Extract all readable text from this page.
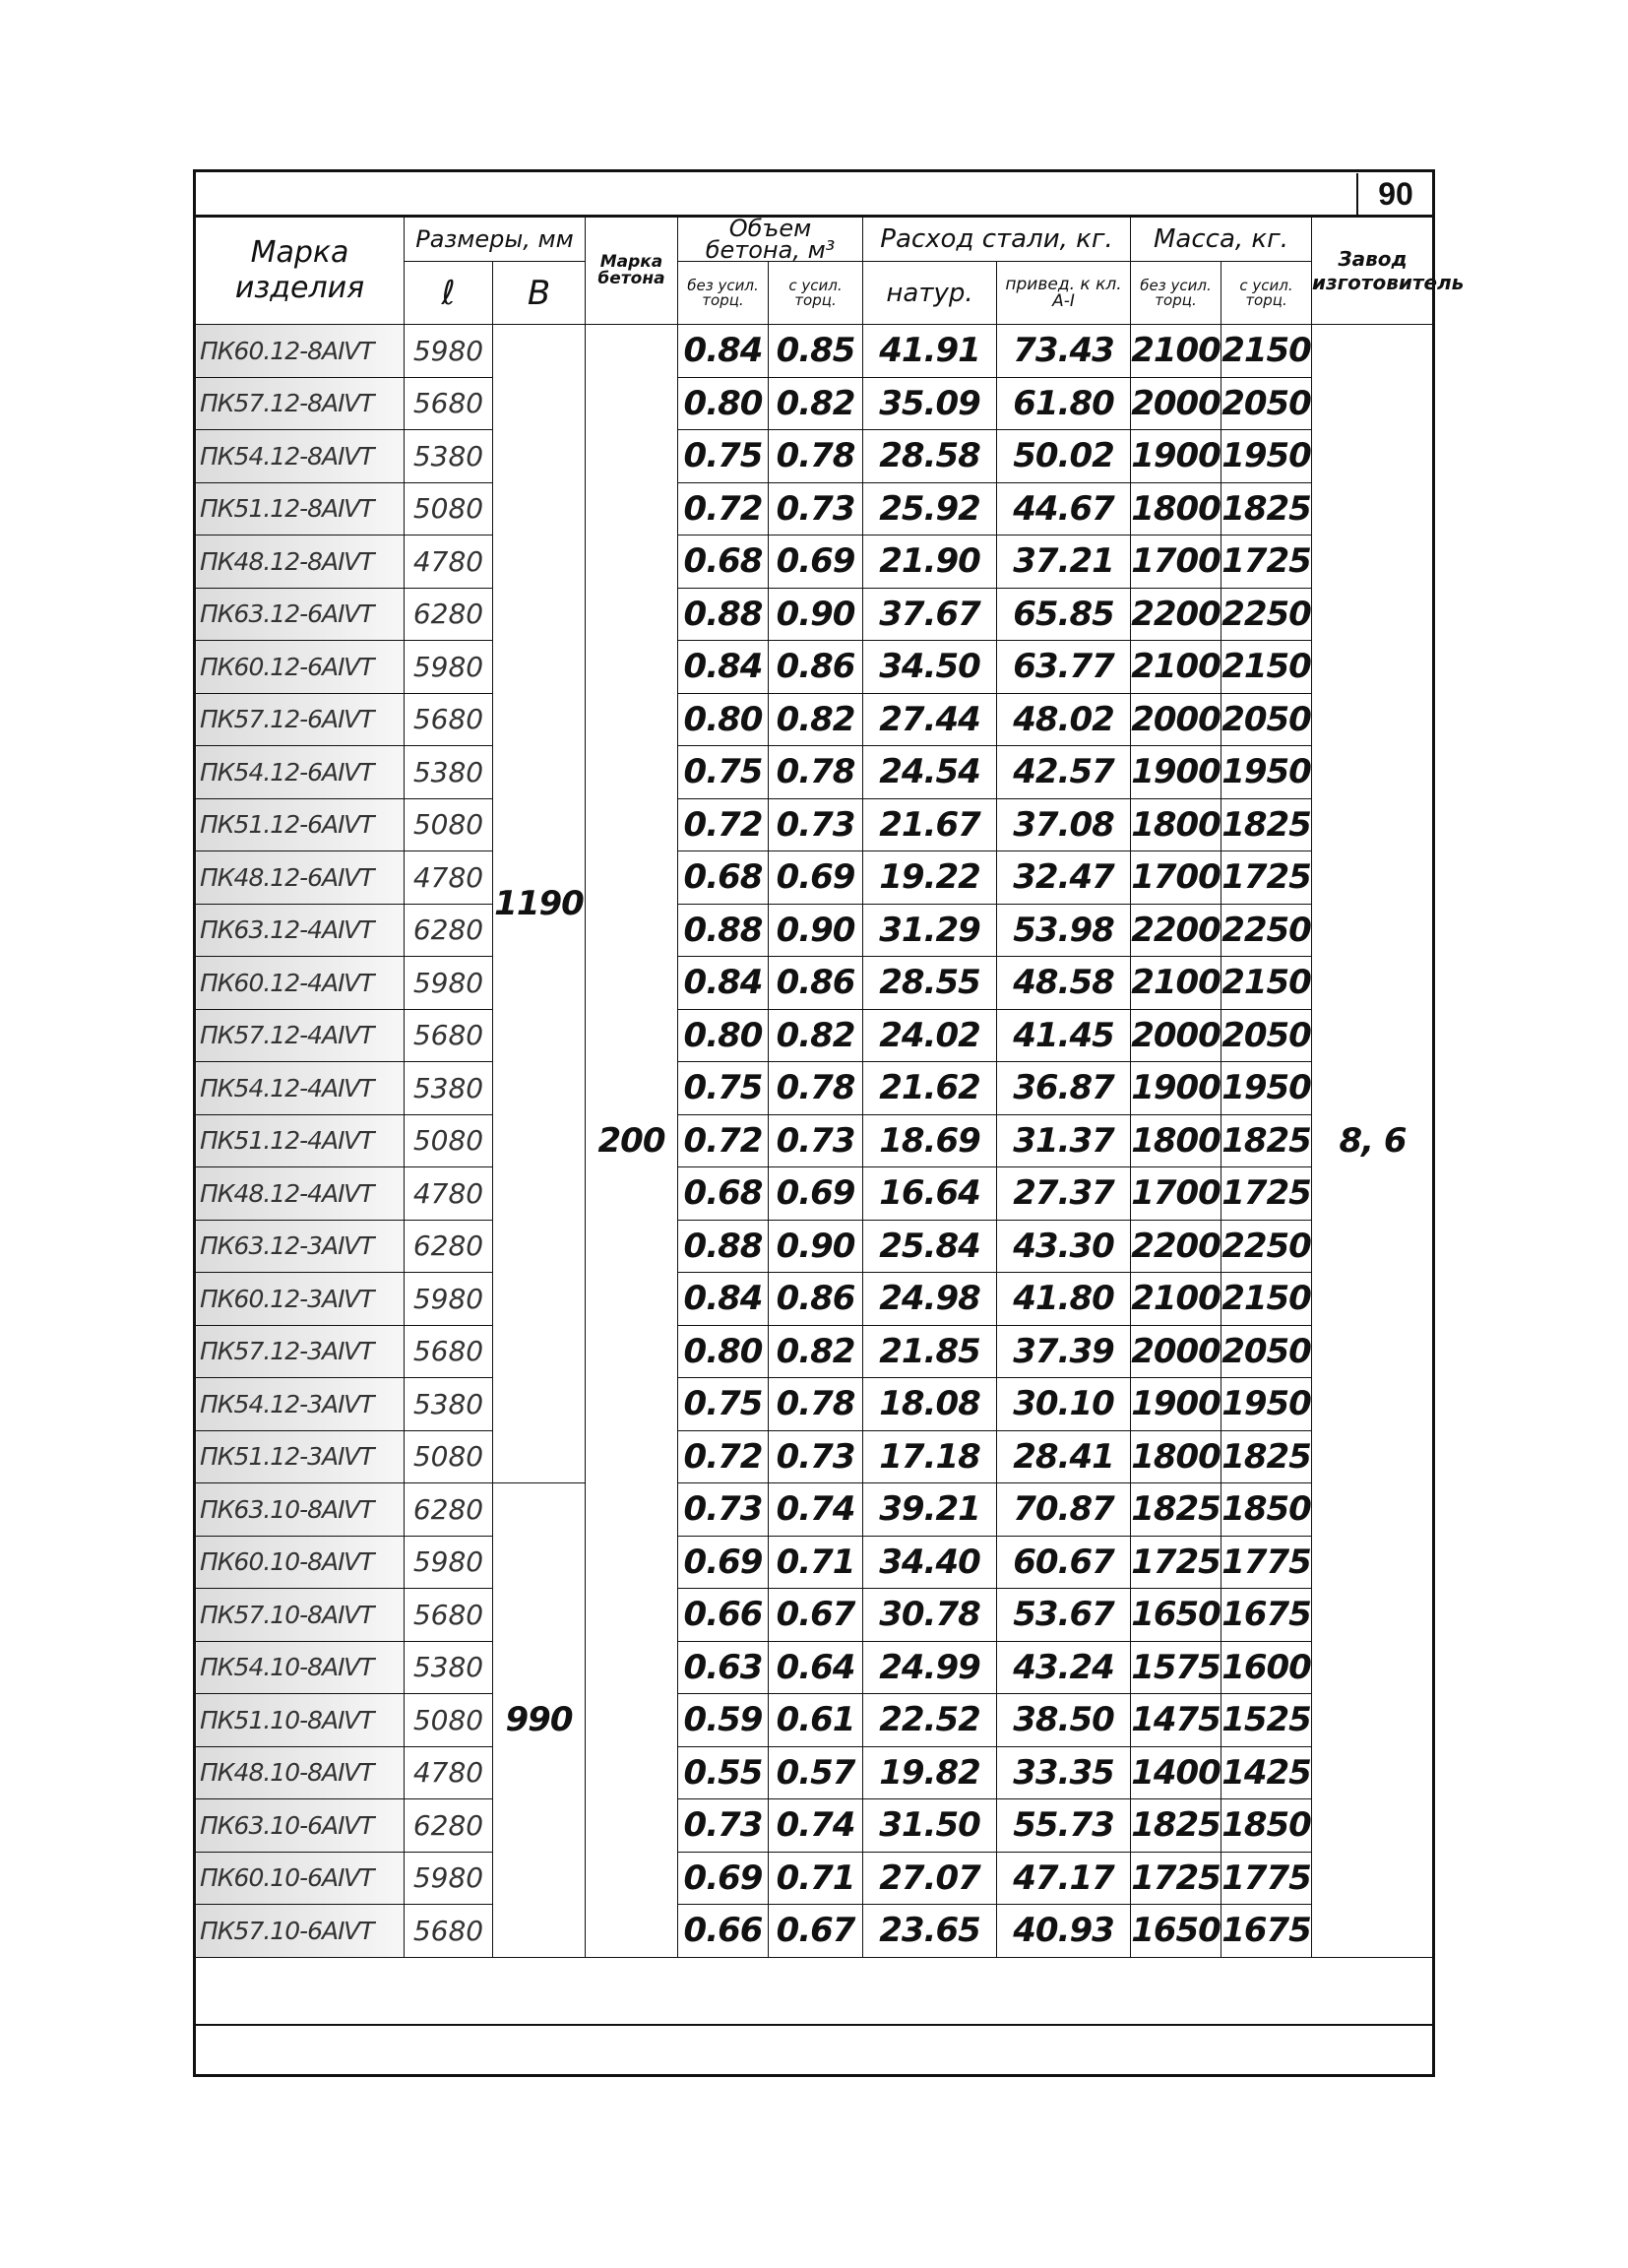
90
Марка изделия	Размеры, мм		Марка бетона	Объем бетона, м³		Расход стали, кг.		Масса, кг.		Завод изготовитель
	ℓ	В		без усил. торц.	с усил. торц.	натур.	привед. к кл. А-I	без усил. торц.	с усил. торц.	
ПК60.12-8АⅣТ	5980	1190	200	0.84	0.85	41.91	73.43	2100	2150	8, 6
ПК57.12-8АⅣТ	5680			0.80	0.82	35.09	61.80	2000	2050	
ПК54.12-8АⅣТ	5380			0.75	0.78	28.58	50.02	1900	1950	
ПК51.12-8АⅣТ	5080			0.72	0.73	25.92	44.67	1800	1825	
ПК48.12-8АⅣТ	4780			0.68	0.69	21.90	37.21	1700	1725	
ПК63.12-6АⅣТ	6280			0.88	0.90	37.67	65.85	2200	2250	
ПК60.12-6АⅣТ	5980			0.84	0.86	34.50	63.77	2100	2150	
ПК57.12-6АⅣТ	5680			0.80	0.82	27.44	48.02	2000	2050	
ПК54.12-6АⅣТ	5380			0.75	0.78	24.54	42.57	1900	1950	
ПК51.12-6АⅣТ	5080			0.72	0.73	21.67	37.08	1800	1825	
ПК48.12-6АⅣТ	4780			0.68	0.69	19.22	32.47	1700	1725	
ПК63.12-4АⅣТ	6280			0.88	0.90	31.29	53.98	2200	2250	
ПК60.12-4АⅣТ	5980			0.84	0.86	28.55	48.58	2100	2150	
ПК57.12-4АⅣТ	5680			0.80	0.82	24.02	41.45	2000	2050	
ПК54.12-4АⅣТ	5380			0.75	0.78	21.62	36.87	1900	1950	
ПК51.12-4АⅣТ	5080			0.72	0.73	18.69	31.37	1800	1825	
ПК48.12-4АⅣТ	4780			0.68	0.69	16.64	27.37	1700	1725	
ПК63.12-3АⅣТ	6280			0.88	0.90	25.84	43.30	2200	2250	
ПК60.12-3АⅣТ	5980			0.84	0.86	24.98	41.80	2100	2150	
ПК57.12-3АⅣТ	5680			0.80	0.82	21.85	37.39	2000	2050	
ПК54.12-3АⅣТ	5380			0.75	0.78	18.08	30.10	1900	1950	
ПК51.12-3АⅣТ	5080			0.72	0.73	17.18	28.41	1800	1825	
ПК63.10-8АⅣТ	6280	990		0.73	0.74	39.21	70.87	1825	1850	
ПК60.10-8АⅣТ	5980			0.69	0.71	34.40	60.67	1725	1775	
ПК57.10-8АⅣТ	5680			0.66	0.67	30.78	53.67	1650	1675	
ПК54.10-8АⅣТ	5380			0.63	0.64	24.99	43.24	1575	1600	
ПК51.10-8АⅣТ	5080			0.59	0.61	22.52	38.50	1475	1525	
ПК48.10-8АⅣТ	4780			0.55	0.57	19.82	33.35	1400	1425	
ПК63.10-6АⅣТ	6280			0.73	0.74	31.50	55.73	1825	1850	
ПК60.10-6АⅣТ	5980			0.69	0.71	27.07	47.17	1725	1775	
ПК57.10-6АⅣТ	5680			0.66	0.67	23.65	40.93	1650	1675	
